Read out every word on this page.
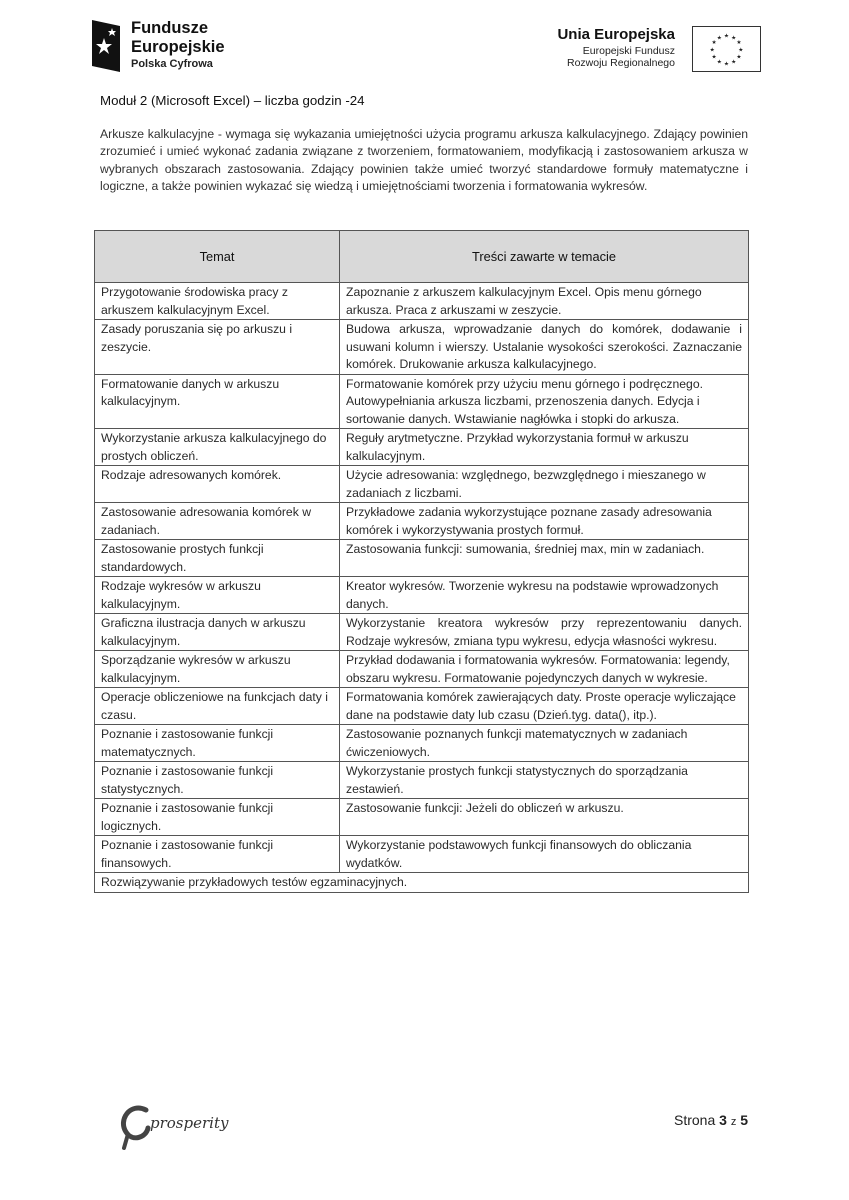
Fundusze
Europejskie
Polska Cyfrowa
Unia Europejska
Europejski Fundusz
Rozwoju Regionalnego
★ ★
★
★
★
★
★
★
★
★
★
★
Moduł 2 (Microsoft Excel) – liczba godzin -24

Arkusze kalkulacyjne - wymaga się wykazania umiejętności użycia programu arkusza kalkulacyjnego. Zdający powinien zrozumieć i umieć wykonać zadania związane z tworzeniem, formatowaniem, modyfikacją i zastosowaniem arkusza w wybranych obszarach zastosowania. Zdający powinien także umieć tworzyć standardowe formuły matematyczne i logiczne, a także powinien wykazać się wiedzą i umiejętnościami tworzenia i formatowania wykresów.

Temat	Treści zawarte w temacie
Przygotowanie środowiska pracy z arkuszem kalkulacyjnym Excel.	Zapoznanie z arkuszem kalkulacyjnym Excel. Opis menu górnego arkusza. Praca z arkuszami w zeszycie.
Zasady poruszania się po arkuszu i zeszycie.	Budowa arkusza, wprowadzanie danych do komórek, dodawanie i usuwani kolumn i wierszy. Ustalanie wysokości szerokości. Zaznaczanie komórek. Drukowanie arkusza kalkulacyjnego.
Formatowanie danych w arkuszu kalkulacyjnym.	Formatowanie komórek przy użyciu menu górnego i podręcznego. Autowypełniania arkusza liczbami, przenoszenia danych. Edycja i sortowanie danych. Wstawianie nagłówka i stopki do arkusza.
Wykorzystanie arkusza kalkulacyjnego do prostych obliczeń.	Reguły arytmetyczne. Przykład wykorzystania formuł w arkuszu kalkulacyjnym.
Rodzaje adresowanych komórek.	Użycie adresowania: względnego, bezwzględnego i mieszanego w zadaniach z liczbami.
Zastosowanie adresowania komórek w zadaniach.	Przykładowe zadania wykorzystujące poznane zasady adresowania komórek i wykorzystywania prostych formuł.
Zastosowanie prostych funkcji standardowych.	Zastosowania funkcji: sumowania, średniej max, min w zadaniach.
Rodzaje wykresów w arkuszu kalkulacyjnym.	Kreator wykresów. Tworzenie wykresu na podstawie wprowadzonych danych.
Graficzna ilustracja danych w arkuszu kalkulacyjnym.	Wykorzystanie kreatora wykresów przy reprezentowaniu danych. Rodzaje wykresów, zmiana typu wykresu, edycja własności wykresu.
Sporządzanie wykresów w arkuszu kalkulacyjnym.	Przykład dodawania i formatowania wykresów. Formatowania: legendy, obszaru wykresu. Formatowanie pojedynczych danych w wykresie.
Operacje obliczeniowe na funkcjach daty i czasu.	Formatowania komórek zawierających daty. Proste operacje wyliczające dane na podstawie daty lub czasu (Dzień.tyg. data(), itp.).
Poznanie i zastosowanie funkcji matematycznych.	Zastosowanie poznanych funkcji matematycznych w zadaniach ćwiczeniowych.
Poznanie i zastosowanie funkcji statystycznych.	Wykorzystanie prostych funkcji statystycznych do sporządzania zestawień.
Poznanie i zastosowanie funkcji logicznych.	Zastosowanie funkcji: Jeżeli do obliczeń w arkuszu.
Poznanie i zastosowanie funkcji finansowych.	Wykorzystanie podstawowych funkcji finansowych do obliczania wydatków.
Rozwiązywanie przykładowych testów egzaminacyjnych.	
prosperity	Strona 3 z 5
